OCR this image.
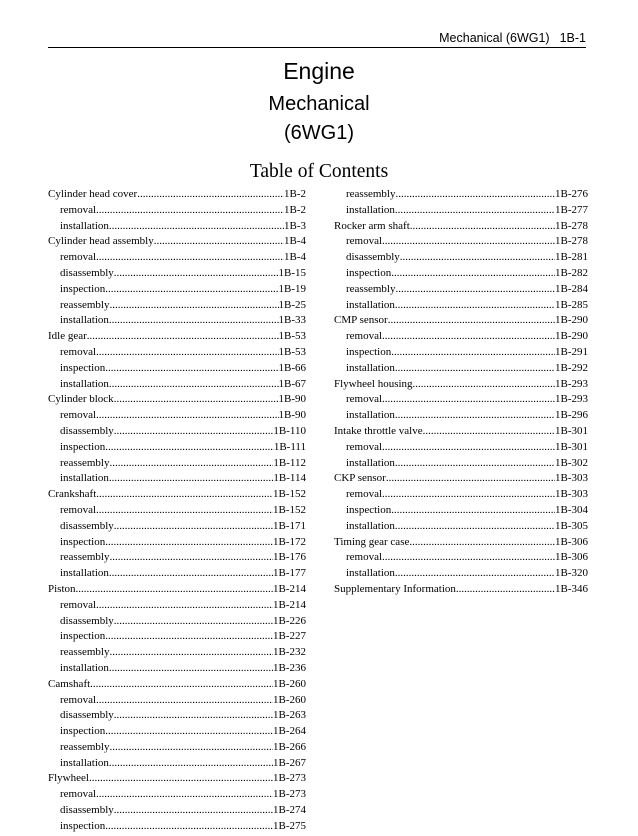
Mechanical (6WG1) 1B-1
Engine
Mechanical
(6WG1)
Table of Contents
Cylinder head cover .....	1B-2
removal .....	1B-2
installation .....	1B-3
Cylinder head assembly .....	1B-4
removal .....	1B-4
disassembly .....	1B-15
inspection .....	1B-19
reassembly .....	1B-25
installation .....	1B-33
Idle gear .....	1B-53
removal .....	1B-53
inspection .....	1B-66
installation .....	1B-67
Cylinder block .....	1B-90
removal .....	1B-90
disassembly .....	1B-110
inspection .....	1B-111
reassembly .....	1B-112
installation .....	1B-114
Crankshaft .....	1B-152
removal .....	1B-152
disassembly .....	1B-171
inspection .....	1B-172
reassembly .....	1B-176
installation .....	1B-177
Piston .....	1B-214
removal .....	1B-214
disassembly .....	1B-226
inspection .....	1B-227
reassembly .....	1B-232
installation .....	1B-236
Camshaft .....	1B-260
removal .....	1B-260
disassembly .....	1B-263
inspection .....	1B-264
reassembly .....	1B-266
installation .....	1B-267
Flywheel .....	1B-273
removal .....	1B-273
disassembly .....	1B-274
inspection .....	1B-275
reassembly .....	1B-276
installation .....	1B-277
Rocker arm shaft .....	1B-278
removal .....	1B-278
disassembly .....	1B-281
inspection .....	1B-282
reassembly .....	1B-284
installation .....	1B-285
CMP sensor .....	1B-290
removal .....	1B-290
inspection .....	1B-291
installation .....	1B-292
Flywheel housing .....	1B-293
removal .....	1B-293
installation .....	1B-296
Intake throttle valve .....	1B-301
removal .....	1B-301
installation .....	1B-302
CKP sensor .....	1B-303
removal .....	1B-303
inspection .....	1B-304
installation .....	1B-305
Timing gear case .....	1B-306
removal .....	1B-306
installation .....	1B-320
Supplementary Information .....	1B-346
